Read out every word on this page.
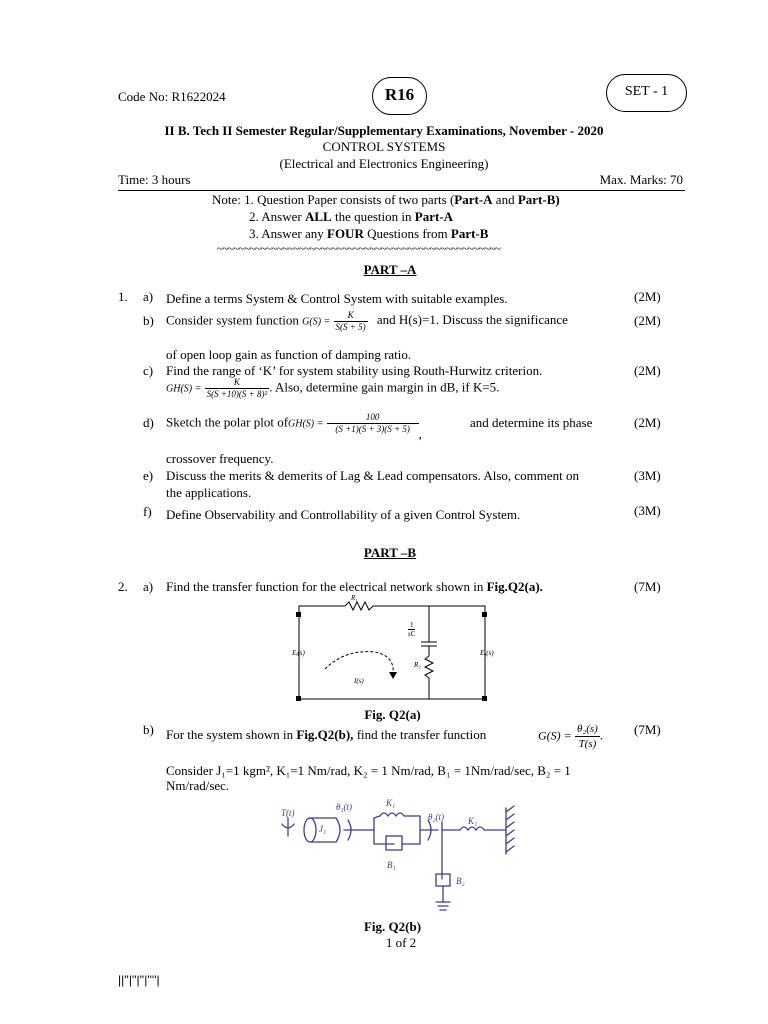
Code No: R1622024	R16	SET - 1
II B. Tech II Semester Regular/Supplementary Examinations, November - 2020
CONTROL SYSTEMS
(Electrical and Electronics Engineering)
Time: 3 hours	Max. Marks: 70
Note: 1. Question Paper consists of two parts (Part-A and Part-B)
2. Answer ALL the question in Part-A
3. Answer any FOUR Questions from Part-B
~~~~~~~~~~~~~~~~~~~~~~~~~~~~~~~~~~~~~~~~~~~~~~~~~~~~
PART –A
1. a) Define a terms System & Control System with suitable examples.	(2M)
b) Consider system function $G(S) = \frac{K}{S(S + 5)}$ and H(s)=1. Discuss the significance
of open loop gain as function of damping ratio.
(2M)
c) Find the range of ‘K’ for system stability using Routh-Hurwitz criterion.
$GH(S) = \frac{K}{\text{S(S +10)(S + 8)²}}$ . Also, determine gain margin in dB, if K=5.
(2M)
d) Sketch the polar plot ofGH(S) = $\frac{100}{(S +1)(S + 3)(S + 5)}$ ,
and determine its phase
crossover frequency.
(2M)
e) Discuss the merits & demerits of Lag & Lead compensators. Also, comment on
the applications.
(3M)
f) Define Observability and Controllability of a given Control System.	(3M)
PART –B
2. a) Find the transfer function for the electrical network shown in Fig.Q2(a).	(7M)
R₁
1
sC
R₂
Eᵢ(s)	Eₒ(s)
I(s)
Fig. Q2(a)
b) For the system shown in Fig.Q2(b), find the transfer function	$G(S) = \frac{\text{θ₂(s)}}{T(s)}$ .
Consider J₁=1 kgm², K₁=1 Nm/rad, K₂ = 1 Nm/rad, B₁ = 1Nm/rad/sec, B₂ = 1
Nm/rad/sec.
(7M)
T(t)
J₁
θ₁(t)	K₁
θ₂(t)	K₁
B₁
B₂
Fig. Q2(b)
1 of 2
||''|''|''|''''|
